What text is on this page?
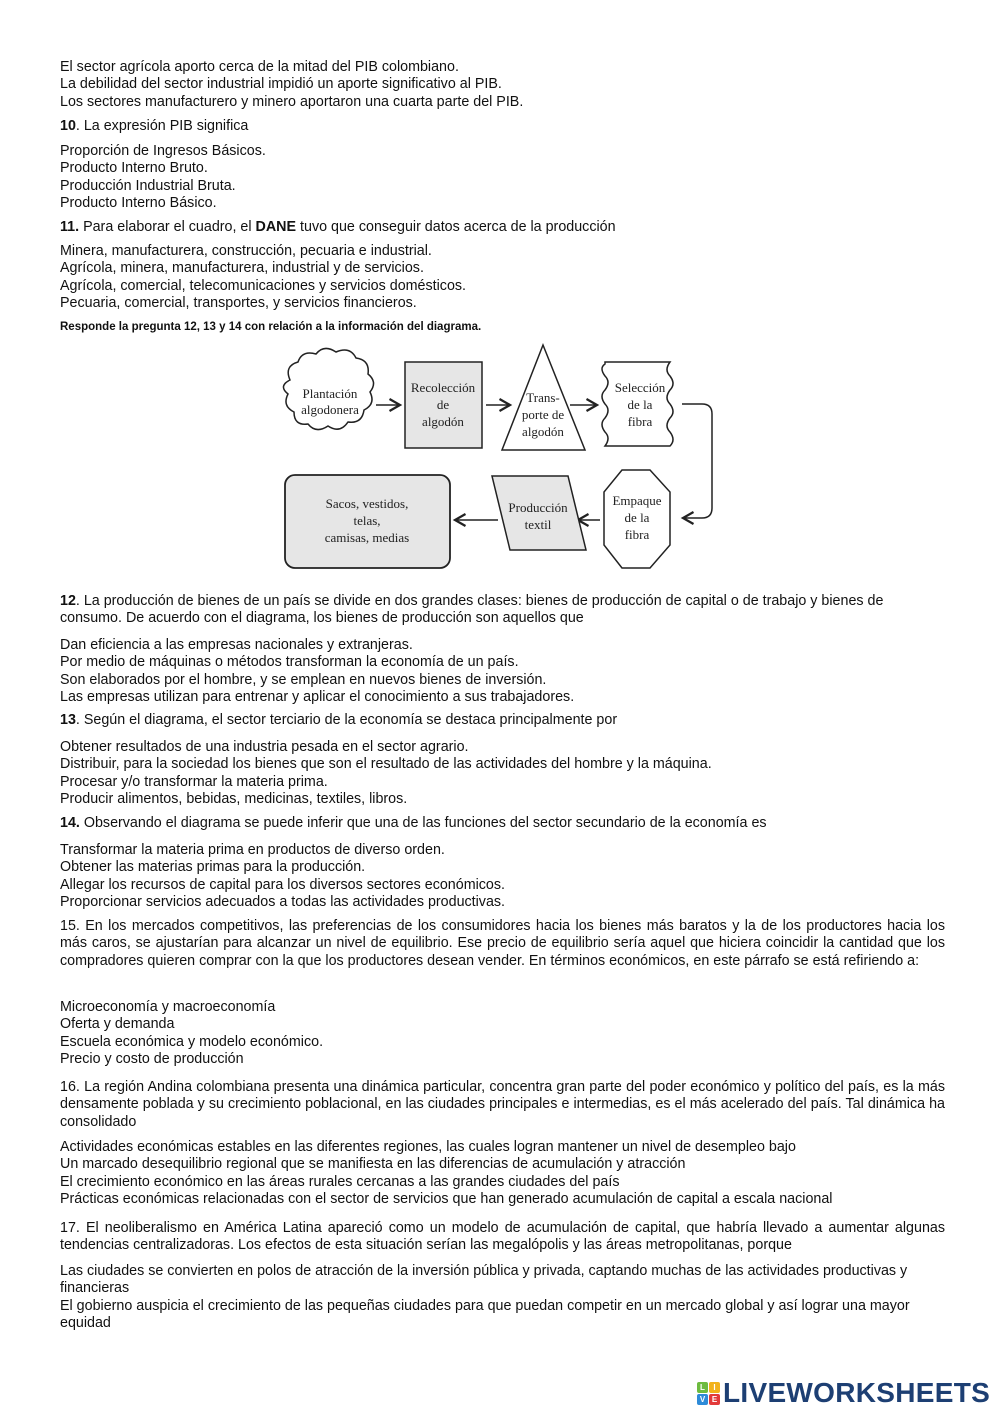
El sector agrícola aporto cerca de la mitad del PIB colombiano.
La debilidad del sector industrial impidió un aporte significativo al PIB.
Los sectores manufacturero y minero aportaron una cuarta parte del PIB.
10. La expresión PIB significa
Proporción de Ingresos Básicos.
Producto Interno Bruto.
Producción Industrial Bruta.
Producto Interno Básico.
11. Para elaborar el cuadro, el DANE tuvo que conseguir datos acerca de la producción
Minera, manufacturera, construcción, pecuaria e industrial.
Agrícola, minera, manufacturera, industrial y de servicios.
Agrícola, comercial, telecomunicaciones y servicios domésticos.
Pecuaria, comercial, transportes, y servicios financieros.
Responde la pregunta 12, 13 y 14 con relación a la información del diagrama.
Plantación
algodonera
Recolección
de
algodón
Trans-
porte de
algodón
Selección
de la
fibra
Empaque
de la
fibra
Producción
textil
Sacos, vestidos,
telas,
camisas, medias
12. La producción de bienes de un país se divide en dos grandes clases: bienes de producción de capital o de trabajo y bienes de consumo. De acuerdo con el diagrama, los bienes de producción son aquellos que
Dan eficiencia a las empresas nacionales y extranjeras.
Por medio de máquinas o métodos transforman la economía de un país.
Son elaborados por el hombre, y se emplean en nuevos bienes de inversión.
Las empresas utilizan para entrenar y aplicar el conocimiento a sus trabajadores.
13. Según el diagrama, el sector terciario de la economía se destaca principalmente por
Obtener resultados de una industria pesada en el sector agrario.
Distribuir, para la sociedad los bienes que son el resultado de las actividades del hombre y la máquina.
Procesar y/o transformar la materia prima.
Producir alimentos, bebidas, medicinas, textiles, libros.
14. Observando el diagrama se puede inferir que una de las funciones del sector secundario de la economía es
Transformar la materia prima en productos de diverso orden.
Obtener las materias primas para la producción.
Allegar los recursos de capital para los diversos sectores económicos.
Proporcionar servicios adecuados a todas las actividades productivas.
15. En los mercados competitivos, las preferencias de los consumidores hacia los bienes más baratos y la de los productores hacia los más caros, se ajustarían para alcanzar un nivel de equilibrio. Ese precio de equilibrio sería aquel que hiciera coincidir la cantidad que los compradores quieren comprar con la que los productores desean vender. En términos económicos, en este párrafo se está refiriendo a:
Microeconomía y macroeconomía
Oferta y demanda
Escuela económica y modelo económico.
Precio y costo de producción
16. La región Andina colombiana presenta una dinámica particular, concentra gran parte del poder económico y político del país, es la más densamente poblada y su crecimiento poblacional, en las ciudades principales e intermedias, es el más acelerado del país. Tal dinámica ha consolidado
Actividades económicas estables en las diferentes regiones, las cuales logran mantener un nivel de desempleo bajo
Un marcado desequilibrio regional que se manifiesta en las diferencias de acumulación y atracción
El crecimiento económico en las áreas rurales cercanas a las grandes ciudades del país
Prácticas económicas relacionadas con el sector de servicios que han generado acumulación de capital a escala nacional
17. El neoliberalismo en América Latina apareció como un modelo de acumulación de capital, que habría llevado a aumentar algunas tendencias centralizadoras. Los efectos de esta situación serían las megalópolis y las áreas metropolitanas, porque
Las ciudades se convierten en polos de atracción de la inversión pública y privada, captando muchas de las actividades productivas y financieras
El gobierno auspicia el crecimiento de las pequeñas ciudades para que puedan competir en un mercado global y así lograr una mayor equidad
L	I
V E LIVEWORKSHEETS
